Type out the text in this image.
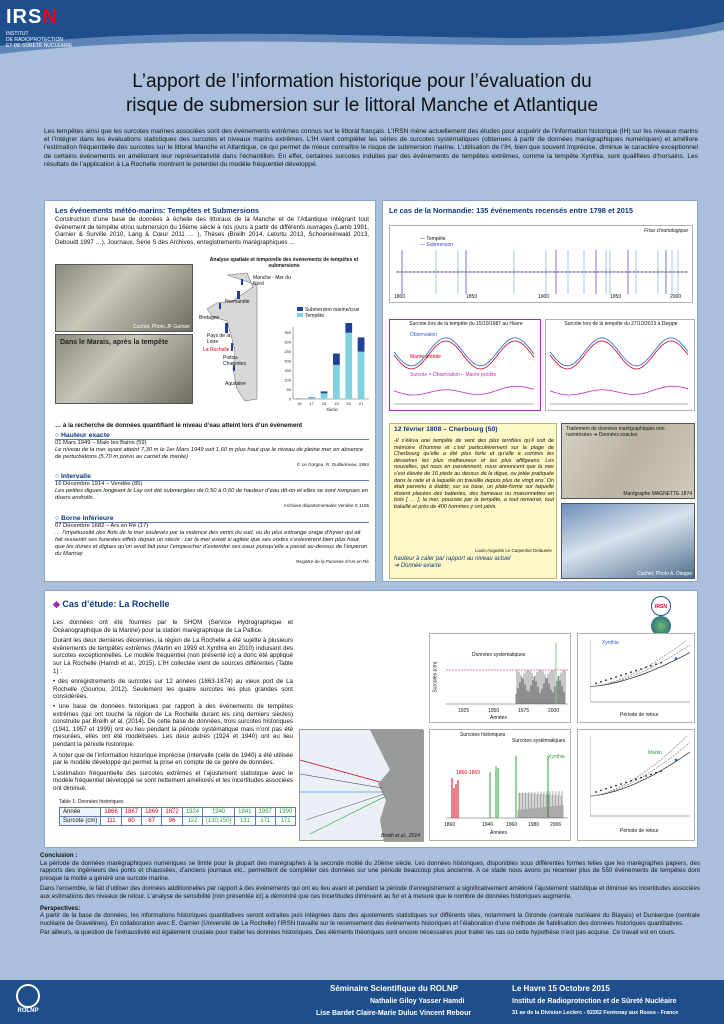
IRSN
INSTITUT
DE RADIOPROTECTION
ET DE SÛRETÉ NUCLÉAIRE
L’apport de l’information historique pour l’évaluation du
risque de submersion sur le littoral Manche et Atlantique

Les tempêtes ainsi que les surcotes marines associées sont des événements extrêmes connus sur le littoral français. L’IRSN mène actuellement des études pour acquérir de l’information historique (IH) sur les niveaux marins et l’intégrer dans les évaluations statistiques des surcotes et niveaux marins extrêmes. L’IH vient compléter les séries de surcotes systématiques (obtenues à partir de données marégraphiques numériques) et améliore l’estimation fréquentielle des surcotes sur le littoral Manche et Atlantique, ce qui permet de mieux connaître le risque de submersion marine. L’utilisation de l’IH, bien que souvent imprécise, diminue le caractère exceptionnel de certains événements en améliorant leur représentativité dans l’échantillon. En effet, certaines surcotes induites par des événements de tempêtes extrêmes, comme la tempête Xynthia, sont qualifiées d’horsains. Les résultats de l’application à La Rochelle montrent le potentiel du modèle fréquentiel développé.

Les événements météo-marins: Tempêtes et Submersions

Construction d’une base de données à échelle des littoraux de la Manche et de l’Atlantique intégrant tout événement de tempête et/ou submersion du 16ème siècle à nos jours à partir de différents ouvrages (Lamb 1991, Garnier & Surville 2010, Lang & Cœur 2011 … ), Thèses (Breilh 2014, Letortu 2013, Schoeneinwald 2013, Deboudt 1997 …), Journaux, Série S des Archives, enregistrements marégraphiques ...

Cachet, Photo JF Garnier
Dans le Marais, après la tempête
Analyse spatiale et temporelle des événements de tempêtes et submersions
Manche - Mer du Nord
Normandie
Bretagne
Pays de la Loire
La Rochelle
Poitou-Charentes
Aquitaine
Submersion marine/crue
Tempête
0
50
100
150
200
250
300
350
16 17 18 19 20 21
Siècle
… à la recherche de données quantifiant le niveau d’eau atteint lors d’un événement
○ Hauteur exacte
01 Mars 1949 – Malo les Bains (59)
Le niveau de la mer ayant atteint 7,30 m le 1er Mars 1949 soit 1,60 m plus haut que le niveau de pleine mer en absence de perturbations (5,70 m prévu au carnet de marée)
© Le Gorgeu, R. Guillanneau, 1954
○ Intervalle
16 Décembre 1914 – Vendée (85)
Les petites digues longeant le Lay ont été submergées de 0,50 à 0,60 de hauteur d’eau dit-on et elles se sont rompues en divers endroits.
Archives départementales Vendée S 1105
○ Borne inférieure
07 Décembre 1682 – Ars en Ré (17)
… l’impétuosité des flots de la mer soulevés par la violence des vents du sud, ou du plus estrange orage d’hyver qui ait fait ressentir ses funestes effets depuis un siècle : car la mer estait si agitée que ses ondes s’eslevèrent bien plus haut que les dunes et digues qu’on avoit fait pour l’empescher d’estendre ses eaux puisqu’elle a passé au-dessus de l’esperon du Martray
Registre de la Paroisse d’Ars en Ré
Le cas de la Normandie: 135 événements recensés entre 1798 et 2015
Frise chronologique
— Tempête
— Submersion
1800	1850	1900	1950	2000
Surcote lors de la tempête du 15/10/1987 au Havre
Observation
Marée prédite
Surcote = Observation – Marée prédite
Surcote lors de la tempête du 27/10/2013 à Dieppe
12 février 1808 – Cherbourg (50)
-Il s’éleva une tempête de vent des plus terribles qu’il soit de mémoire d’homme et c’est particulièrement sur la plage de Cherbourg qu’elle a été plus forte et qu’elle a commis les désastres les plus malheureux et les plus affligeans. Les nouvelles, qui nous en parviennent, nous annoncent que la mer s’est élevée de 16 pieds au dessus de la digue, ou jetée pratiquée dans la rade et à laquelle on travaille depuis plus de vingt ans. On était parvenu à établir, sur sa base, un plate-forme sur laquelle étoient placées des batteries, des hameaux ou maisonnettes en bois [ … ]; la mer, poussée par la tempête, a tout renversé, tout balaillé et près de 400 hommes y ont péris.
Louis-Augustin Le Carpentier Delaunée
hauteur à caler par rapport au niveau actuel
➔ Donnée exacte
Traitement de données marégraphiques non numérisées ➔ Données exactes
Marégraphe MAGNETTE 1874
Cachet, Photo A. Dieppe
◆ Cas d’étude: La Rochelle	IRSN

Les données ont été fournies par le SHOM (Service Hydrographique et Océanographique de la Marine) pour la station marégraphique de La Pallice.

Durant les deux dernières décennies, la région de La Rochelle a été sujette à plusieurs événements de tempêtes extrêmes (Martin en 1999 et Xynthia en 2010) induisant des surcotes exceptionnelles. Le modèle fréquentiel (non présenté ici) a donc été appliqué sur La Rochelle (Hamdi et al., 2015). L’IH collectée vient de sources différentes (Table 1) :

• des enregistrements de surcotes sur 12 années (1863-1874) au vieux port de La Rochelle (Gouriou, 2012). Seulement les quatre surcotes les plus grandes sont considérées.

• une base de données historiques par rapport à des événements de tempêtes extrêmes (qui ont touché la région de La Rochelle durant les cinq derniers siècles) construite par Breilh et al. (2014). De cette base de données, trois surcotes historiques (1941, 1957 et 1999) ont eu lieu pendant la période systématique mais n’ont pas été mesurées, elles ont été modélisées. Les deux autres (1924 et 1940) ont eu lieu pendant la période historique.

A noter que de l’information historique imprécise (intervalle (celle de 1940) a été utilisée par le modèle développé qui permet la prise en compte de ce genre de données.

L’estimation fréquentielle des surcotes extrêmes et l’ajustement statistique avec le modèle fréquentiel développé se sont nettement améliorés et les incertitudes associées ont diminué.

Table 1: Données historiques
Année	1866	1867	1869	1872	1924	1940	1941	1957	1999
Surcote (cm)	111	80	87	96	122	[130;150]	131	171	171
Breilh et al., 2014
Données systématiques
Surcotes (cm)
1925	1950	1975	2000
Années
Surcotes historiques
Surcotes systématiques
1860	1940	1960 1980 2006
Années
1866-1869
Xynthia
Xynthia
Période de retour
Martin
Période de retour
Conclusion :

La période de données marégraphiques numériques se limite pour la plupart des marégraphes à la seconde moitié du 20ème siècle. Les données historiques, disponibles sous différentes formes telles que les marégraphes papiers, des rapports des ingénieurs des ponts et chaussées, d’anciens journaux etc., permettent de compléter ces données sur une période beaucoup plus ancienne. A ce stade nous avons pu recenser plus de 550 événements de tempêtes dont presque la moitié a généré une surcote marine.

Dans l’ensemble, le fait d’utiliser des données additionnelles par rapport à des événements qui ont eu lieu avant et pendant la période d’enregistrement a significativement amélioré l’ajustement statistique et diminué les incertitudes associées aux estimations des niveaux de retour. L’analyse de sensibilité (non présentée ici) a démontré que ces incertitudes diminuent au fur et à mesure que le nombre de données historiques augmente.

Perspectives:

A partir de la base de données, les informations historiques quantitatives seront extraites puis intégrées dans des ajustements statistiques sur différents sites, notamment la Gironde (centrale nucléaire du Blayais) et Dunkerque (centrale nucléaire de Gravelines). En collaboration avec E. Garnier (Université de La Rochelle) l’IRSN travaille sur le recensement des événements historiques et l’élaboration d’une méthode de fiabilisation des données historiques quantitatives.

Par ailleurs, la question de l’exhaustivité est également cruciale pour traiter les données historiques. Des éléments théoriques sont encore nécessaires pour traiter les cas où cette hypothèse n’est pas acquise. Ce travail est en cours.

ROLNP
Séminaire Scientifique du ROLNP
Nathalie Giloy Yasser Hamdi
Lise Bardet Claire-Marie Duluc Vincent Rebour
Le Havre 15 Octobre 2015
Institut de Radioprotection et de Sûreté Nucléaire
31 av de la Division Leclerc - 92262 Fontenay aux Roses - France
